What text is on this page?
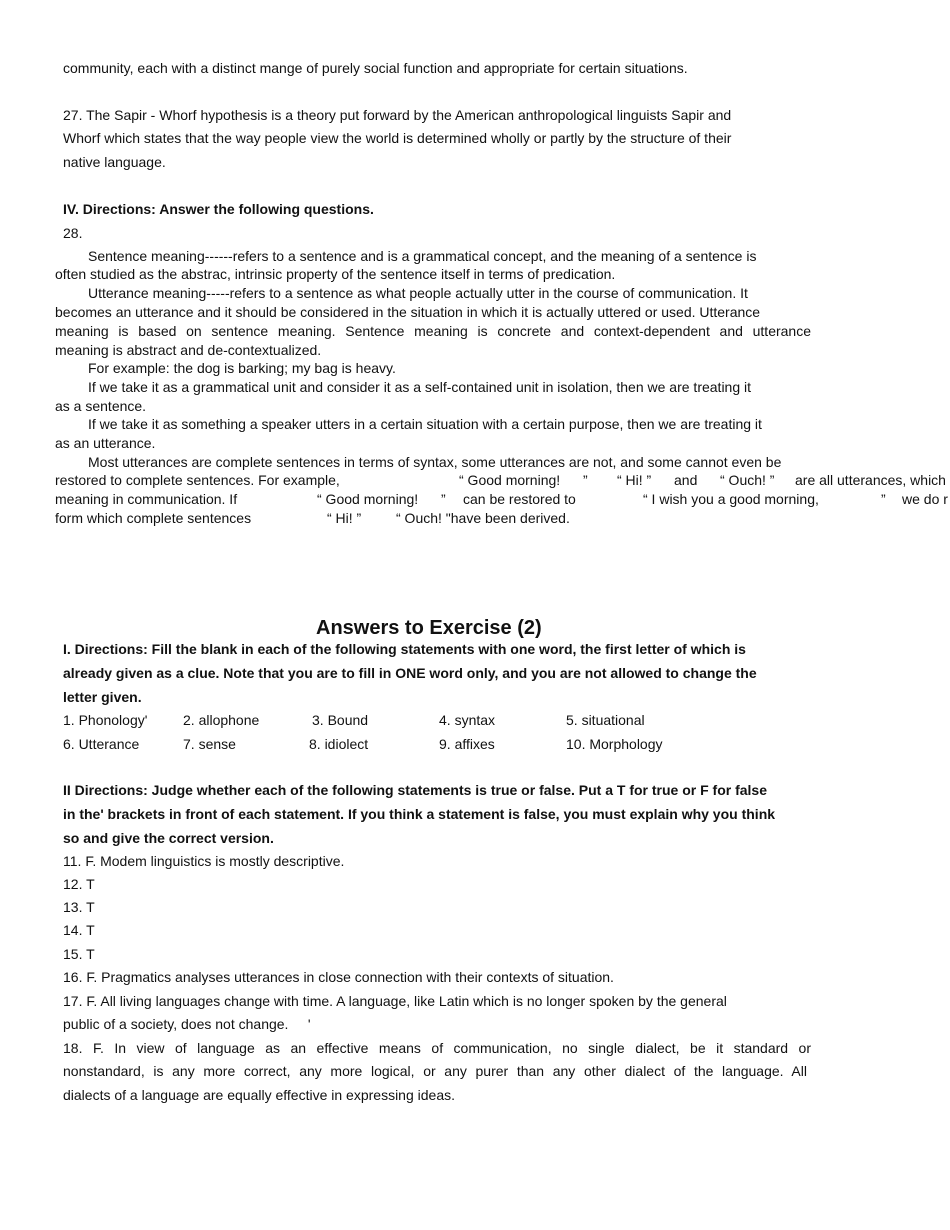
community, each with a distinct mange of purely social function and appropriate for certain situations.
27. The Sapir - Whorf hypothesis is a theory put forward by the American anthropological linguists Sapir and
Whorf which states that the way people view the world is determined wholly or partly by the structure of their
native language.
IV. Directions: Answer the following questions.
28.
Sentence meaning------refers to a sentence and is a grammatical concept, and the meaning of a sentence is
often studied as the abstrac, intrinsic property of the sentence itself in terms of predication.
Utterance meaning-----refers to a sentence as what people actually utter in the course of communication. It
becomes an utterance and it should be considered in the situation in which it is actually uttered or used. Utterance
meaning is based on sentence meaning. Sentence meaning is concrete and context-dependent and utterance
meaning is abstract and de-contextualized.
For example: the dog is barking; my bag is heavy.
If we take it as a grammatical unit and consider it as a self-contained unit in isolation, then we are treating it
as a sentence.
If we take it as something a speaker utters in a certain situation with a certain purpose, then we are treating it
as an utterance.
Most utterances are complete sentences in terms of syntax, some utterances are not, and some cannot even be
restored to complete sentences. For example,	“ Good morning! ” “ Hi! ” and “ Ouch! ” are all utterances, which
meaning in communication. If	“ Good morning! ” can be restored to	“ I wish you a good morning,	” we do r
form which complete sentences	“ Hi! ” “ Ouch! "have been derived.
Answers to Exercise (2)
I. Directions: Fill the blank in each of the following statements with one word, the first letter of which is
already given as a clue. Note that you are to fill in ONE word only, and you are not allowed to change the
letter given.
1. Phonology'	2. allophone	3. Bound	4. syntax	5. situational
6. Utterance	7. sense	8. idiolect	9. affixes	10. Morphology
II Directions: Judge whether each of the following statements is true or false. Put a T for true or F for false
in the' brackets in front of each statement. If you think a statement is false, you must explain why you think
so and give the correct version.
11. F. Modem linguistics is mostly descriptive.
12. T
13. T
14. T
15. T
16. F. Pragmatics analyses utterances in close connection with their contexts of situation.
17. F. All living languages change with time. A language, like Latin which is no longer spoken by the general
public of a society, does not change.     '
18. F. In view of language as an effective means of communication, no single dialect, be it standard or
nonstandard, is any more correct, any more logical, or any purer than any other dialect of the language. All
dialects of a language are equally effective in expressing ideas.
